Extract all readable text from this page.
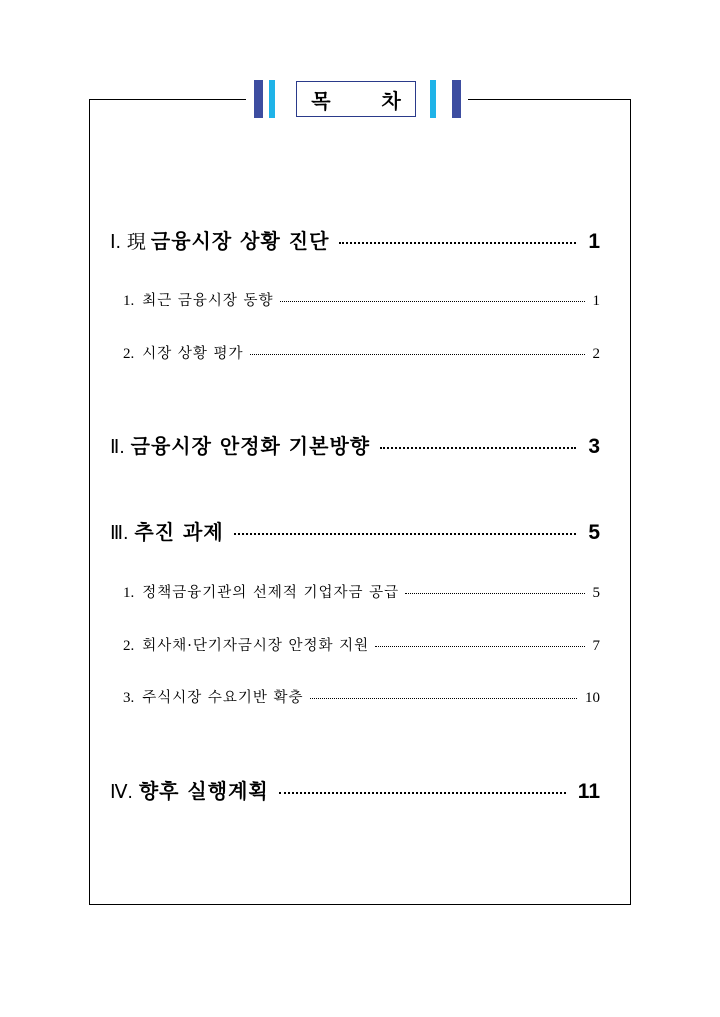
목 차
Ⅰ. 現 금융시장 상황 진단	1
1. 최근 금융시장 동향	1
2. 시장 상황 평가	2
Ⅱ. 금융시장 안정화 기본방향	3
Ⅲ. 추진 과제	5
1. 정책금융기관의 선제적 기업자금 공급	5
2. 회사채·단기자금시장 안정화 지원	7
3. 주식시장 수요기반 확충	10
Ⅳ. 향후 실행계획	11
